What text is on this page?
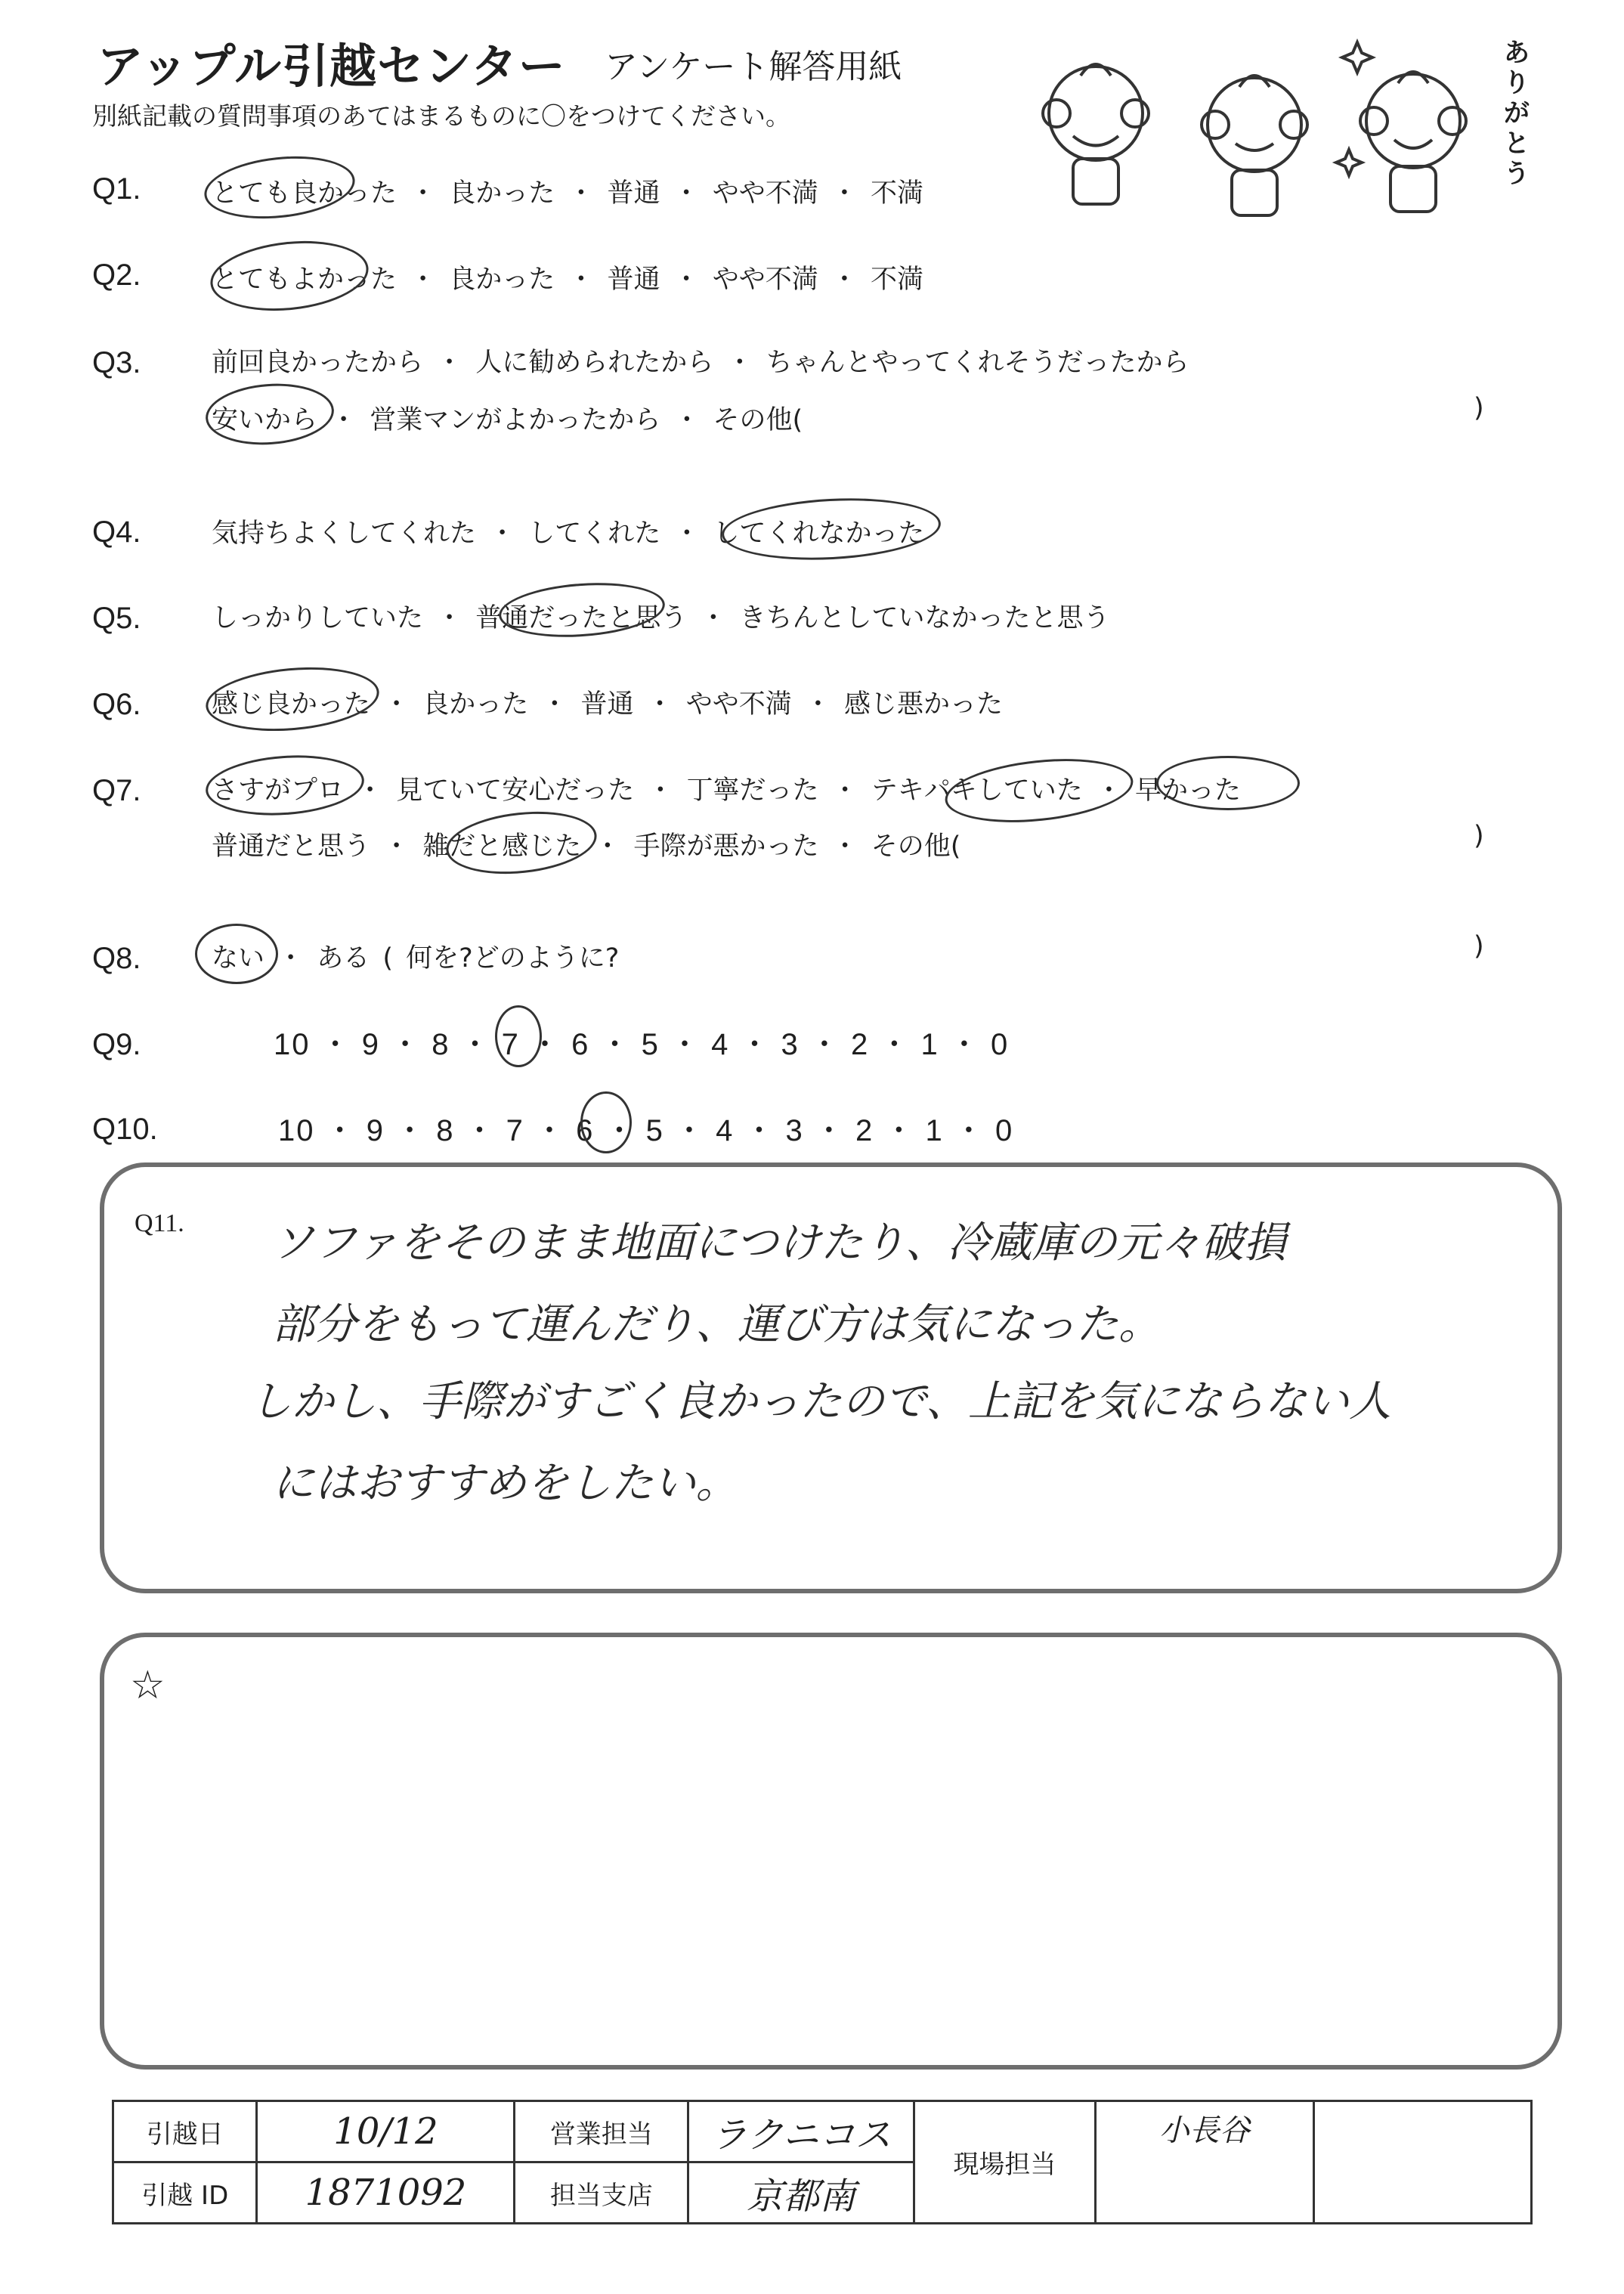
アップル引越センター アンケート解答用紙
別紙記載の質問事項のあてはまるものに〇をつけてください。
ありがとう
Q1.	とても良かった ・ 良かった ・ 普通 ・ やや不満 ・ 不満
Q2.	とてもよかった ・ 良かった ・ 普通 ・ やや不満 ・ 不満
Q3.	前回良かったから ・ 人に勧められたから ・ ちゃんとやってくれそうだったから
安いから ・ 営業マンがよかったから ・ その他(	)
Q4.	気持ちよくしてくれた ・ してくれた ・ してくれなかった
Q5.	しっかりしていた ・ 普通だったと思う ・ きちんとしていなかったと思う
Q6.	感じ良かった ・ 良かった ・ 普通 ・ やや不満 ・ 感じ悪かった
Q7.	さすがプロ ・ 見ていて安心だった ・ 丁寧だった ・ テキパキしていた ・ 早かった
普通だと思う ・ 雑だと感じた ・ 手際が悪かった ・ その他(	)
Q8.	ない ・ ある ( 何を?どのように?	)
Q9.	10 ・ 9 ・ 8 ・ 7 ・ 6 ・ 5 ・ 4 ・ 3 ・ 2 ・ 1 ・ 0
Q10.	10 ・ 9 ・ 8 ・ 7 ・ 6 ・ 5 ・ 4 ・ 3 ・ 2 ・ 1 ・ 0
Q11. ソファをそのまま地面につけたり、冷蔵庫の元々破損
部分をもって運んだり、運び方は気になった。
しかし、手際がすごく良かったので、上記を気にならない人
にはおすすめをしたい。
☆
引越日	10/12	営業担当	ラクニコス	現場担当	小長谷	
引越 ID	1871092	担当支店	京都南			
